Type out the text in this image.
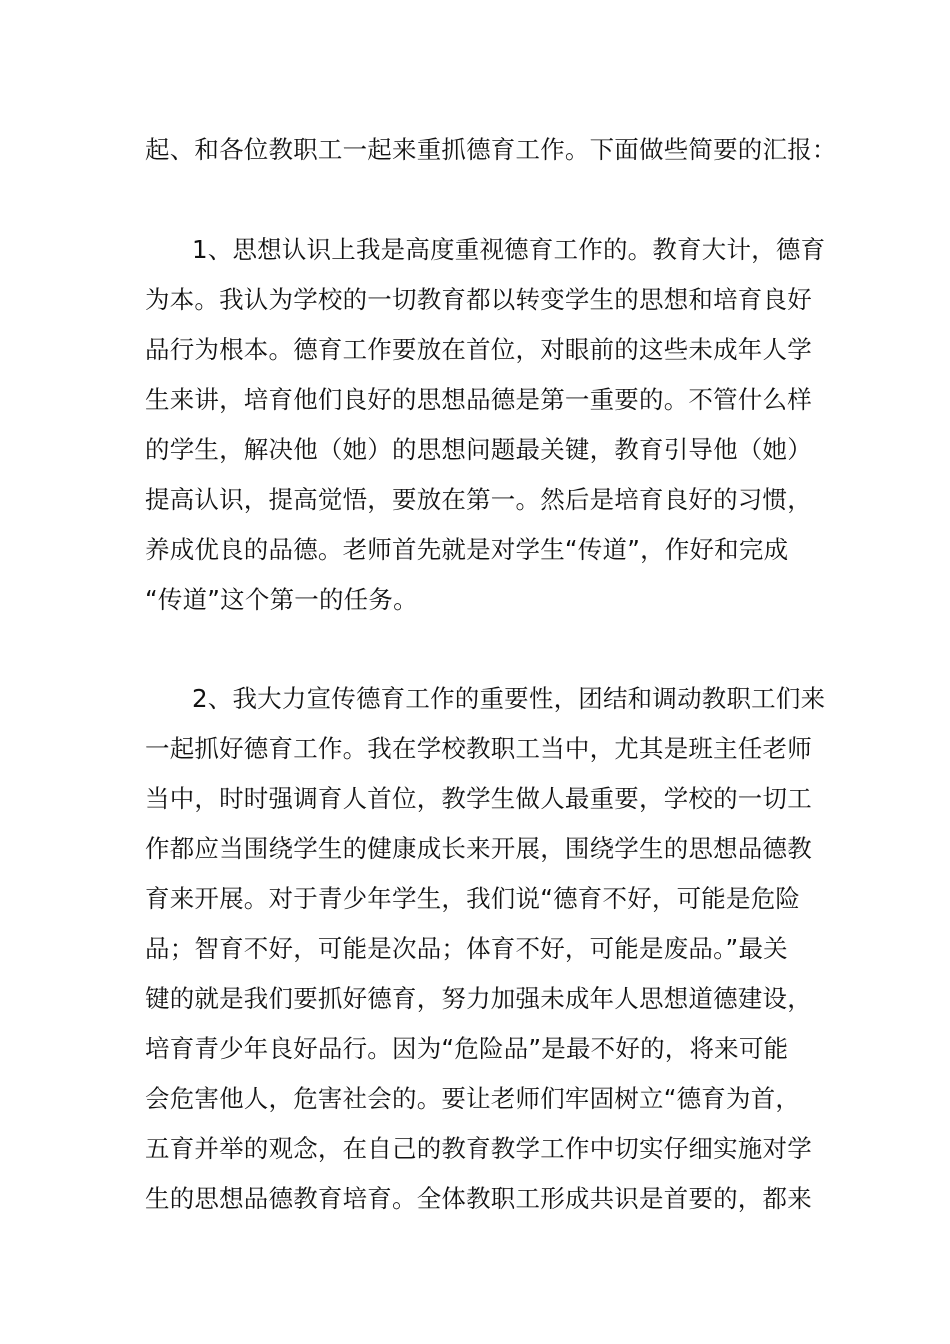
起、和各位教职工一起来重抓德育工作。下面做些简要的汇报：
1、思想认识上我是高度重视德育工作的。教育大计，德育
为本。我认为学校的一切教育都以转变学生的思想和培育良好
品行为根本。德育工作要放在首位，对眼前的这些未成年人学
生来讲，培育他们良好的思想品德是第一重要的。不管什么样
的学生，解决他（她）的思想问题最关键，教育引导他（她）
提高认识，提高觉悟，要放在第一。然后是培育良好的习惯，
养成优良的品德。老师首先就是对学生“传道”，作好和完成
“传道”这个第一的任务。
2、我大力宣传德育工作的重要性，团结和调动教职工们来
一起抓好德育工作。我在学校教职工当中，尤其是班主任老师
当中，时时强调育人首位，教学生做人最重要，学校的一切工
作都应当围绕学生的健康成长来开展，围绕学生的思想品德教
育来开展。对于青少年学生，我们说“德育不好，可能是危险
品；智育不好，可能是次品；体育不好，可能是废品。”最关
键的就是我们要抓好德育，努力加强未成年人思想道德建设，
培育青少年良好品行。因为“危险品”是最不好的，将来可能
会危害他人，危害社会的。要让老师们牢固树立“德育为首，
五育并举的观念，在自己的教育教学工作中切实仔细实施对学
生的思想品德教育培育。全体教职工形成共识是首要的，都来
